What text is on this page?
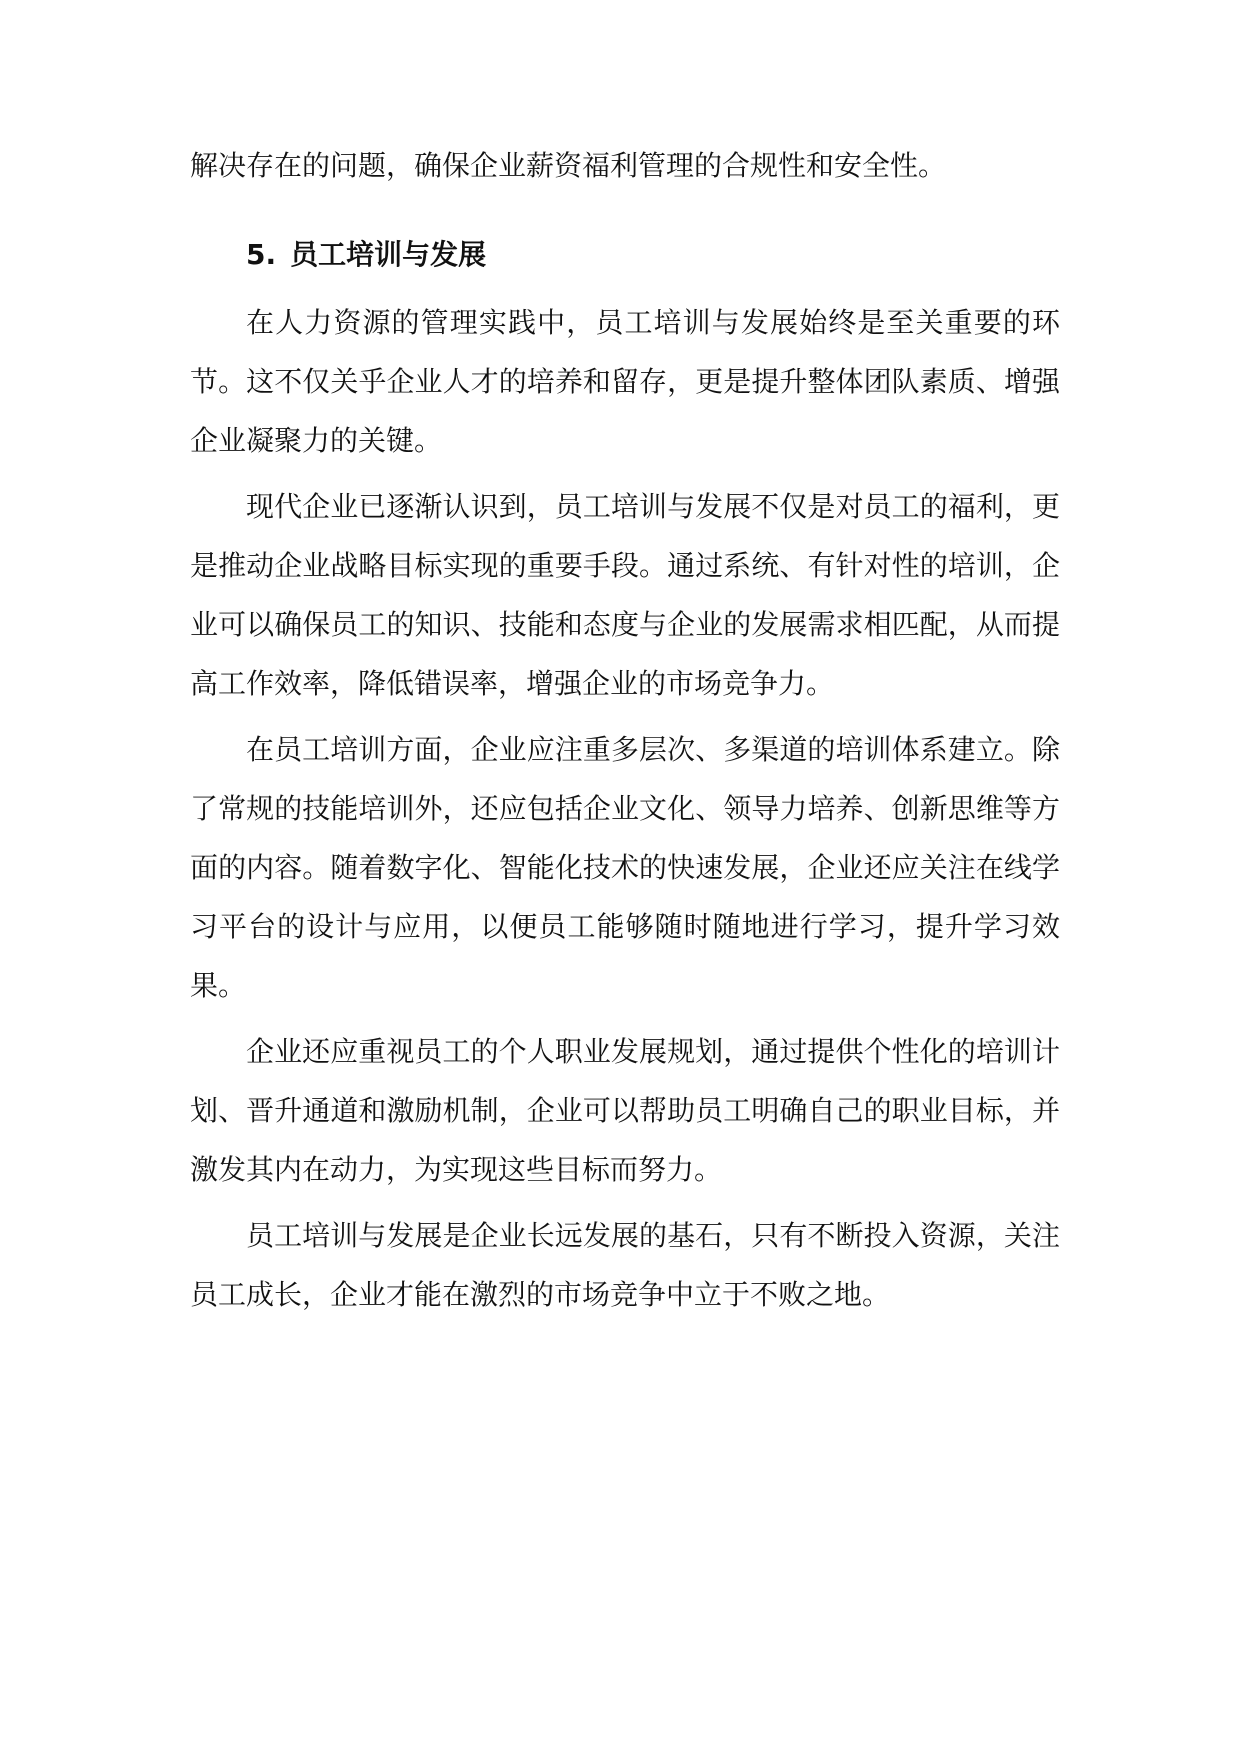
解决存在的问题，确保企业薪资福利管理的合规性和安全性。

5. 员工培训与发展

在人力资源的管理实践中，员工培训与发展始终是至关重要的环节。这不仅关乎企业人才的培养和留存，更是提升整体团队素质、增强企业凝聚力的关键。

现代企业已逐渐认识到，员工培训与发展不仅是对员工的福利，更是推动企业战略目标实现的重要手段。通过系统、有针对性的培训，企业可以确保员工的知识、技能和态度与企业的发展需求相匹配，从而提高工作效率，降低错误率，增强企业的市场竞争力。

在员工培训方面，企业应注重多层次、多渠道的培训体系建立。除了常规的技能培训外，还应包括企业文化、领导力培养、创新思维等方面的内容。随着数字化、智能化技术的快速发展，企业还应关注在线学习平台的设计与应用，以便员工能够随时随地进行学习，提升学习效果。

企业还应重视员工的个人职业发展规划，通过提供个性化的培训计划、晋升通道和激励机制，企业可以帮助员工明确自己的职业目标，并激发其内在动力，为实现这些目标而努力。

员工培训与发展是企业长远发展的基石，只有不断投入资源，关注员工成长，企业才能在激烈的市场竞争中立于不败之地。
